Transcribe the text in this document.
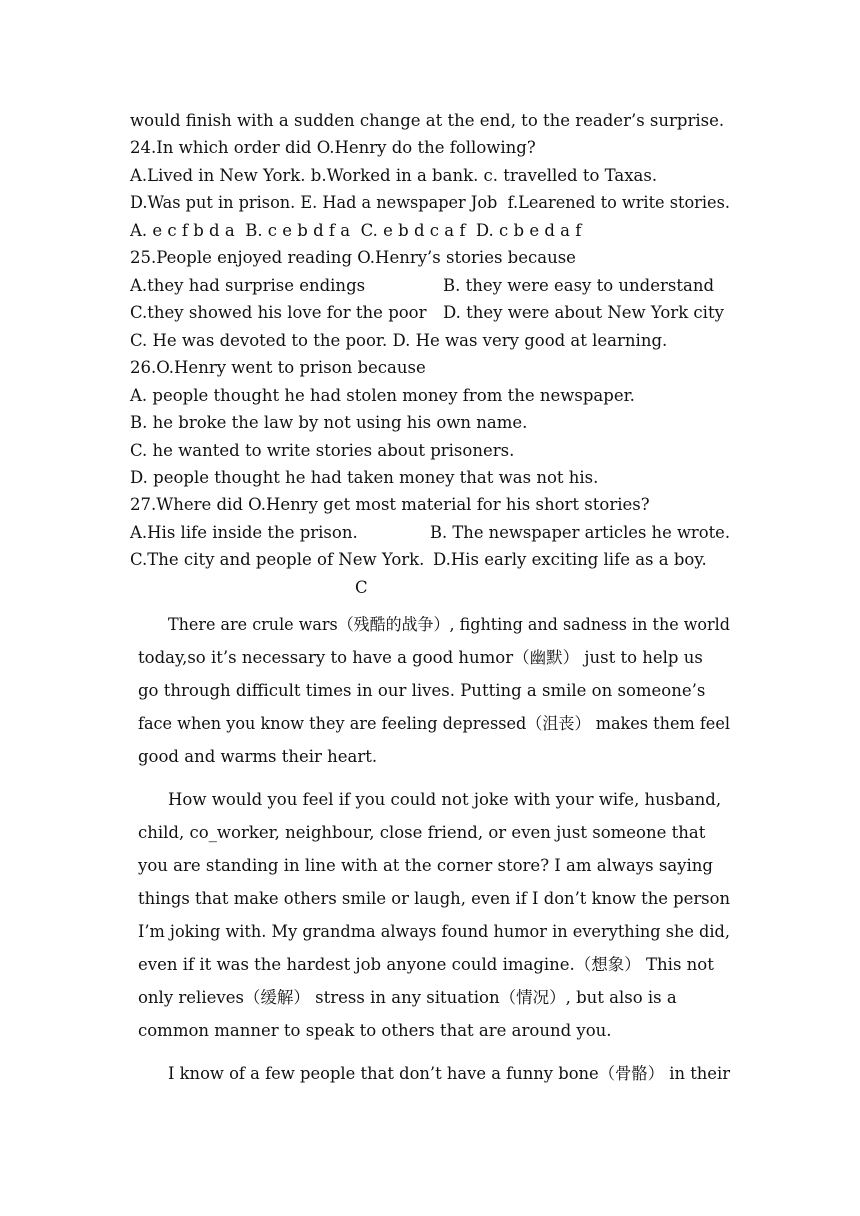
would finish with a sudden change at the end, to the reader’s surprise.
24.In which order did O.Henry do the following?
A.Lived in New York. b.Worked in a bank. c. travelled to Taxas.
D.Was put in prison. E. Had a newspaper Job  f.Learened to write stories.
A. e c f b d a  B. c e b d f a  C. e b d c a f  D. c b e d a f
25.People enjoyed reading O.Henry’s stories because
A.they had surprise endings	B. they were easy to understand
C.they showed his love for the poor D. they were about New York city
C. He was devoted to the poor. D. He was very good at learning.
26.O.Henry went to prison because
A. people thought he had stolen money from the newspaper.
B. he broke the law by not using his own name.
C. he wanted to write stories about prisoners.
D. people thought he had taken money that was not his.
27.Where did O.Henry get most material for his short stories?
A.His life inside the prison.	B. The newspaper articles he wrote.
C.The city and people of New York. D.His early exciting life as a boy.
C
There are crule wars（残酷的战争）, fighting and sadness in the world
today,so it’s necessary to have a good humor（幽默） just to help us
go through difficult times in our lives. Putting a smile on someone’s
face when you know they are feeling depressed（沮丧） makes them feel
good and warms their heart.
How would you feel if you could not joke with your wife, husband,
child, co_worker, neighbour, close friend, or even just someone that
you are standing in line with at the corner store? I am always saying
things that make others smile or laugh, even if I don’t know the person
I’m joking with. My grandma always found humor in everything she did,
even if it was the hardest job anyone could imagine.（想象） This not
only relieves（缓解） stress in any situation（情况）, but also is a
common manner to speak to others that are around you.
I know of a few people that don’t have a funny bone（骨骼） in their
